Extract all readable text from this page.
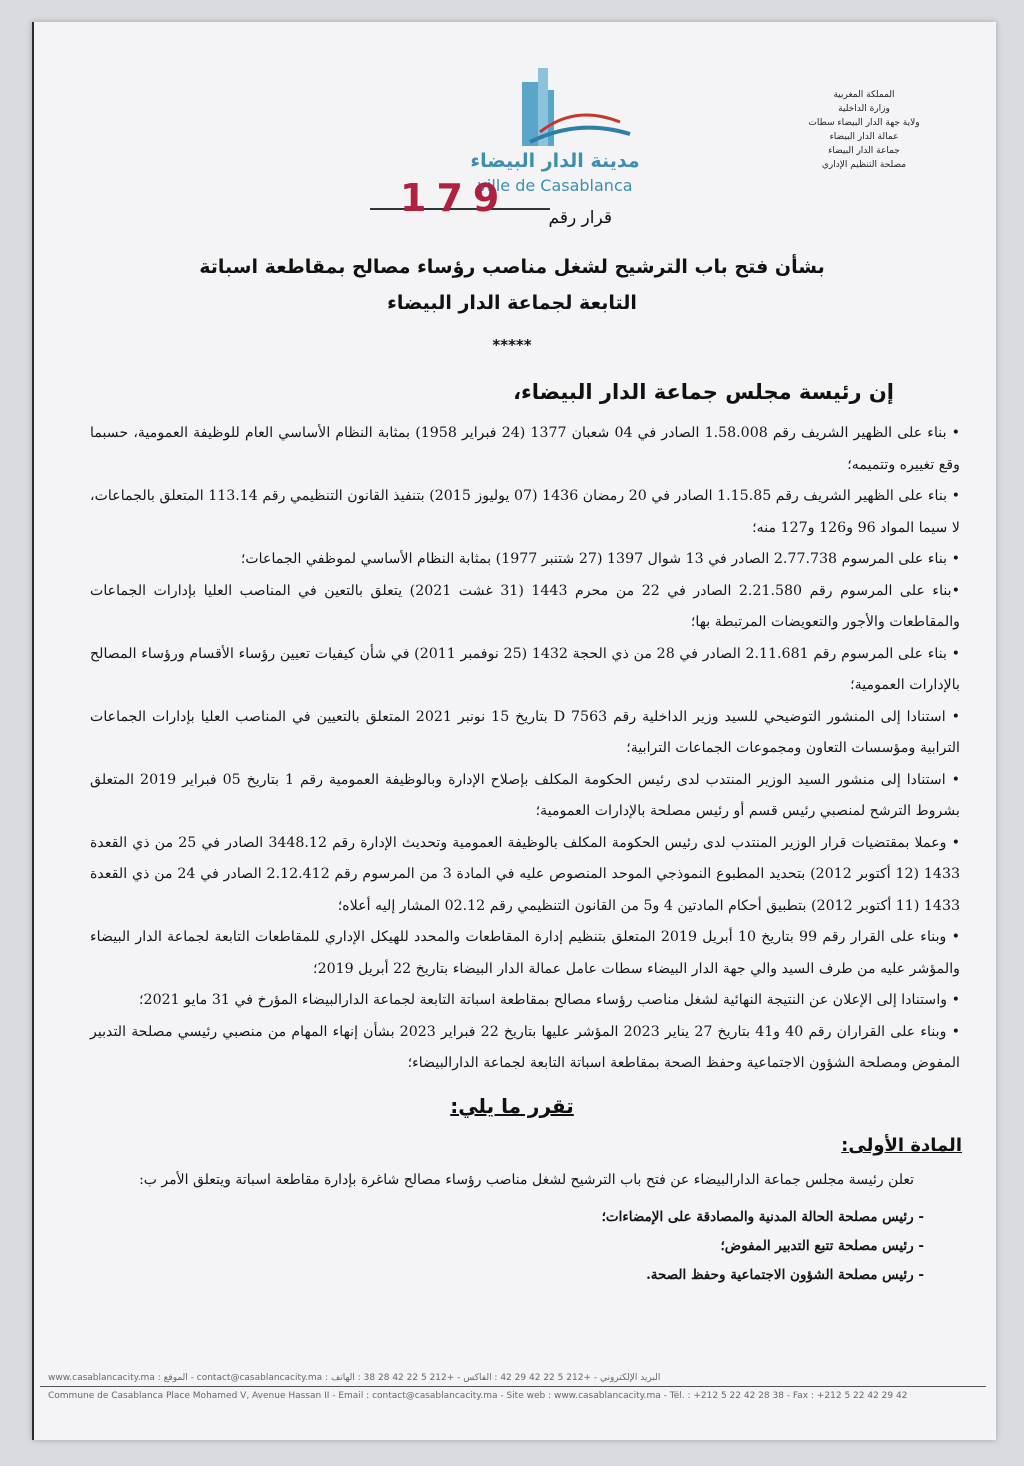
مدينة الدار البيضاء
ville de Casablanca
المملكة المغربية
وزارة الداخلية
ولاية جهة الدار البيضاء سطات
عمالة الدار البيضاء
جماعة الدار البيضاء
مصلحة التنظيم الإداري
179 قرار رقم
بشأن فتح باب الترشيح لشغل مناصب رؤساء مصالح بمقاطعة اسباتة
التابعة لجماعة الدار البيضاء
*****
إن رئيسة مجلس جماعة الدار البيضاء،

• بناء على الظهير الشريف رقم 1.58.008 الصادر في 04 شعبان 1377 (24 فبراير 1958) بمثابة النظام الأساسي العام للوظيفة العمومية، حسبما وقع تغييره وتتميمه؛

• بناء على الظهير الشريف رقم 1.15.85 الصادر في 20 رمضان 1436 (07 يوليوز 2015) بتنفيذ القانون التنظيمي رقم 113.14 المتعلق بالجماعات، لا سيما المواد 96 و126 و127 منه؛

• بناء على المرسوم 2.77.738 الصادر في 13 شوال 1397 (27 شتنبر 1977) بمثابة النظام الأساسي لموظفي الجماعات؛

•بناء على المرسوم رقم 2.21.580 الصادر في 22 من محرم 1443 (31 غشت 2021) يتعلق بالتعين في المناصب العليا بإدارات الجماعات والمقاطعات والأجور والتعويضات المرتبطة بها؛

• بناء على المرسوم رقم 2.11.681 الصادر في 28 من ذي الحجة 1432 (25 نوفمبر 2011) في شأن كيفيات تعيين رؤساء الأقسام ورؤساء المصالح بالإدارات العمومية؛

• استنادا إلى المنشور التوضيحي للسيد وزير الداخلية رقم D 7563 بتاريخ 15 نونبر 2021 المتعلق بالتعيين في المناصب العليا بإدارات الجماعات الترابية ومؤسسات التعاون ومجموعات الجماعات الترابية؛

• استنادا إلى منشور السيد الوزير المنتدب لدى رئيس الحكومة المكلف بإصلاح الإدارة وبالوظيفة العمومية رقم 1 بتاريخ 05 فبراير 2019 المتعلق بشروط الترشح لمنصبي رئيس قسم أو رئيس مصلحة بالإدارات العمومية؛

• وعملا بمقتضيات قرار الوزير المنتدب لدى رئيس الحكومة المكلف بالوظيفة العمومية وتحديث الإدارة رقم 3448.12 الصادر في 25 من ذي القعدة 1433 (12 أكتوبر 2012) بتحديد المطبوع النموذجي الموحد المنصوص عليه في المادة 3 من المرسوم رقم 2.12.412 الصادر في 24 من ذي القعدة 1433 (11 أكتوبر 2012) بتطبيق أحكام المادتين 4 و5 من القانون التنظيمي رقم 02.12 المشار إليه أعلاه؛

• وبناء على القرار رقم 99 بتاريخ 10 أبريل 2019 المتعلق بتنظيم إدارة المقاطعات والمحدد للهيكل الإداري للمقاطعات التابعة لجماعة الدار البيضاء والمؤشر عليه من طرف السيد والي جهة الدار البيضاء سطات عامل عمالة الدار البيضاء بتاريخ 22 أبريل 2019؛

• واستنادا إلى الإعلان عن النتيجة النهائية لشغل مناصب رؤساء مصالح بمقاطعة اسباتة التابعة لجماعة الدارالبيضاء المؤرخ في 31 مايو 2021؛

• وبناء على القراران رقم 40 و41 بتاريخ 27 يناير 2023 المؤشر عليها بتاريخ 22 فبراير 2023 بشأن إنهاء المهام من منصبي رئيسي مصلحة التدبير المفوض ومصلحة الشؤون الاجتماعية وحفظ الصحة بمقاطعة اسباتة التابعة لجماعة الدارالبيضاء؛

تقرر ما يلي:
المادة الأولى:
تعلن رئيسة مجلس جماعة الدارالبيضاء عن فتح باب الترشيح لشغل مناصب رؤساء مصالح شاغرة بإدارة مقاطعة اسباتة ويتعلق الأمر ب:
- رئيس مصلحة الحالة المدنية والمصادقة على الإمضاءات؛
- رئيس مصلحة تتبع التدبير المفوض؛
- رئيس مصلحة الشؤون الاجتماعية وحفظ الصحة.
www.casablancacity.ma : الموقع - contact@casablancacity.ma : البريد الإلكتروني - +212 5 22 42 29 42 : الفاكس - +212 5 22 42 28 38 : الهاتف
Commune de Casablanca Place Mohamed V, Avenue Hassan II - Email : contact@casablancacity.ma - Site web : www.casablancacity.ma - Tél. : +212 5 22 42 28 38 - Fax : +212 5 22 42 29 42
